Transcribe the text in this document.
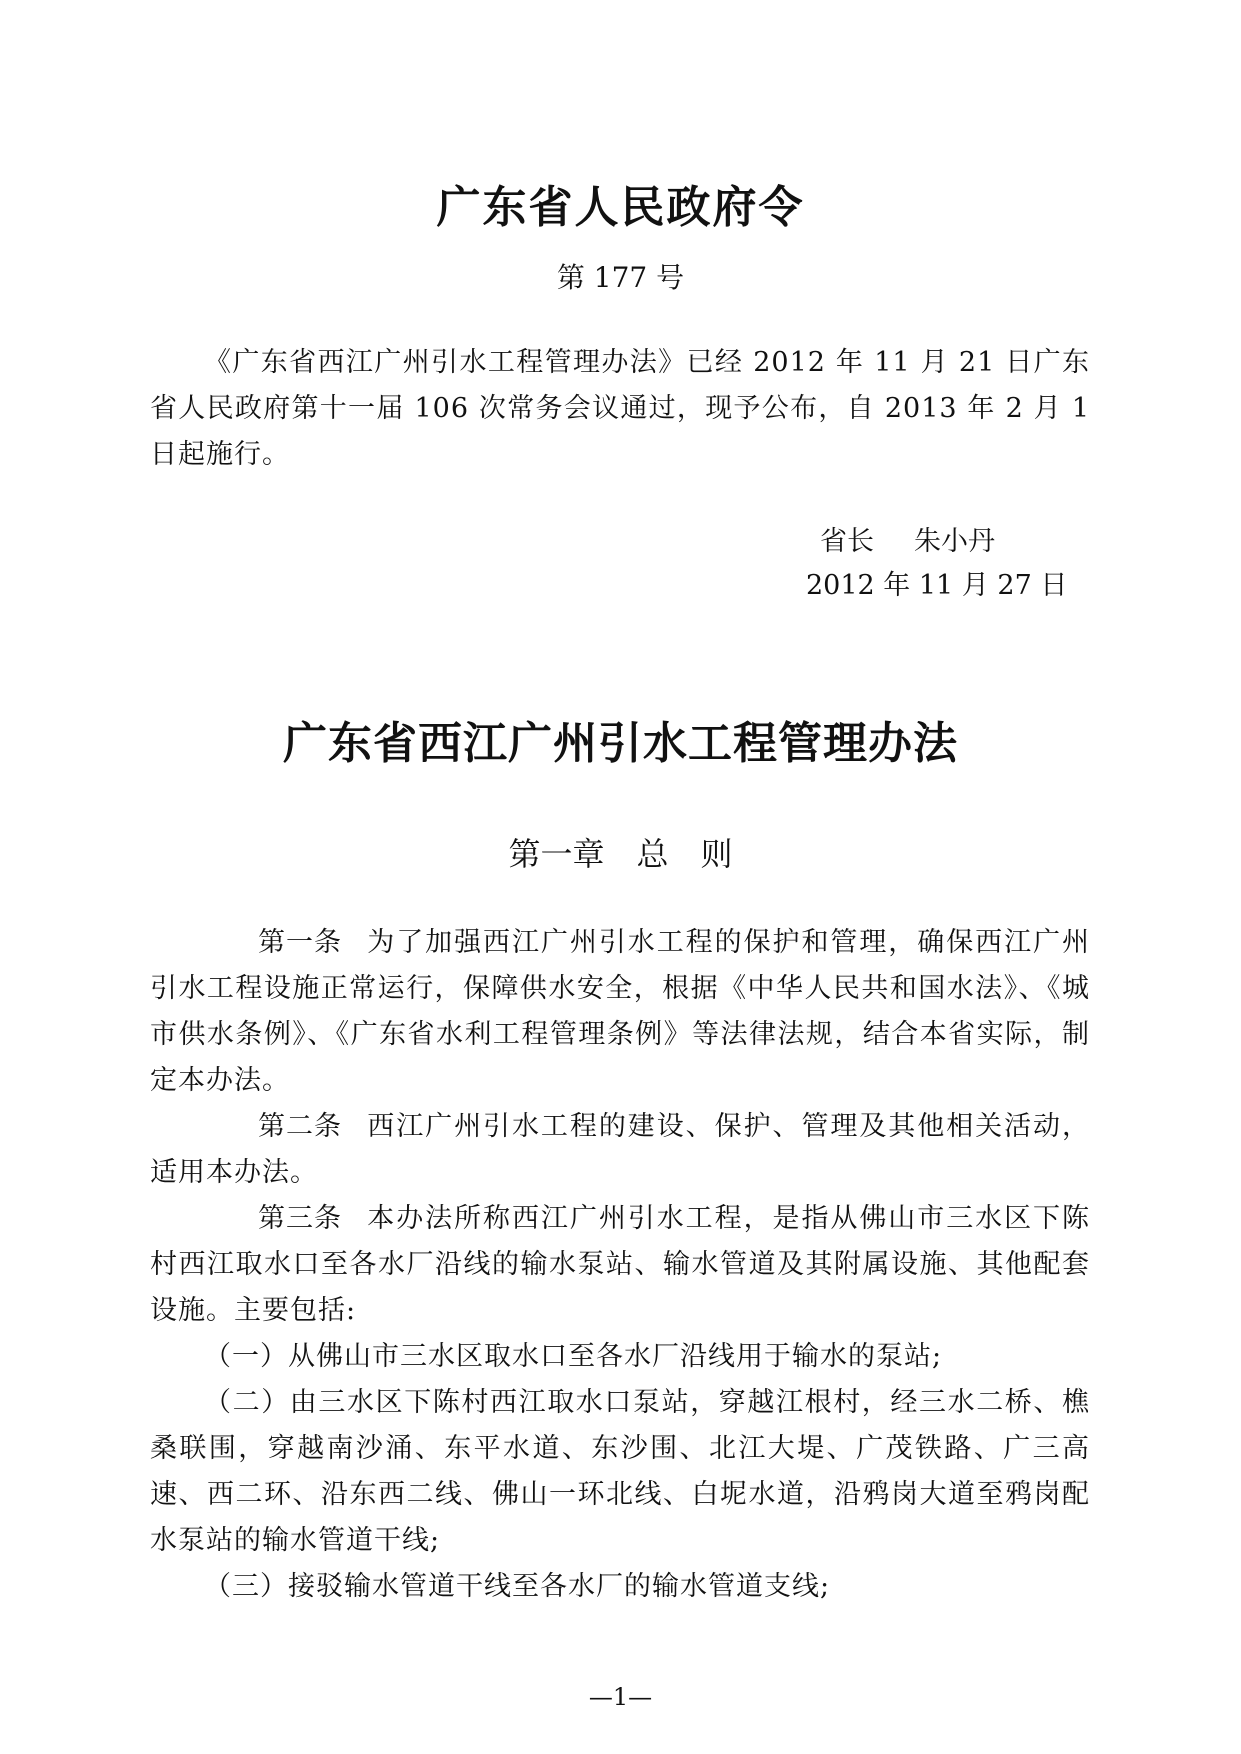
广东省人民政府令
第 177 号

《广东省西江广州引水工程管理办法》已经 2012 年 11 月 21 日广东省人民政府第十一届 106 次常务会议通过，现予公布，自 2013 年 2 月 1 日起施行。

省长 朱小丹
2012 年 11 月 27 日
广东省西江广州引水工程管理办法
第一章　总　则

第一条 为了加强西江广州引水工程的保护和管理，确保西江广州引水工程设施正常运行，保障供水安全，根据《中华人民共和国水法》、《城市供水条例》、《广东省水利工程管理条例》等法律法规，结合本省实际，制定本办法。

第二条 西江广州引水工程的建设、保护、管理及其他相关活动，适用本办法。

第三条 本办法所称西江广州引水工程，是指从佛山市三水区下陈村西江取水口至各水厂沿线的输水泵站、输水管道及其附属设施、其他配套设施。主要包括:

（一）从佛山市三水区取水口至各水厂沿线用于输水的泵站;

（二）由三水区下陈村西江取水口泵站，穿越江根村，经三水二桥、樵桑联围，穿越南沙涌、东平水道、东沙围、北江大堤、广茂铁路、广三高速、西二环、沿东西二线、佛山一环北线、白坭水道，沿鸦岗大道至鸦岗配水泵站的输水管道干线;

（三）接驳输水管道干线至各水厂的输水管道支线;

—1—
